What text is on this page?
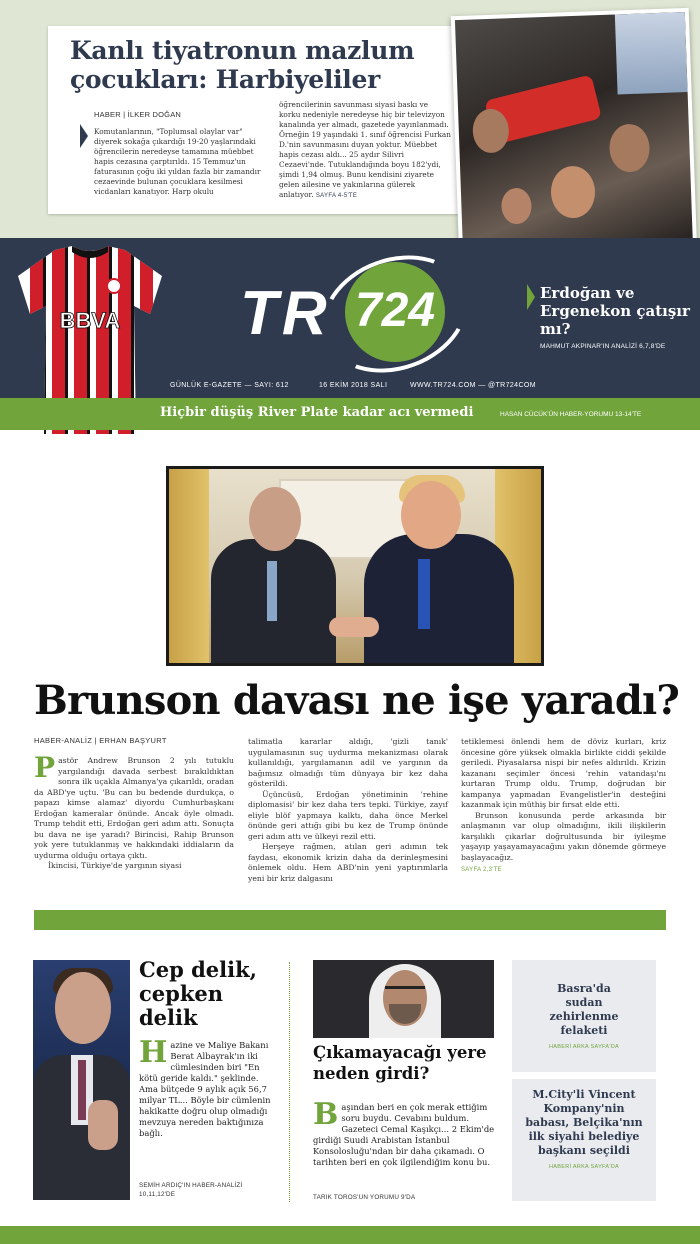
Kanlı tiyatronun mazlum çocukları: Harbiyeliler
HABER | İLKER DOĞAN

Komutanlarının, "Toplumsal olaylar var" diyerek sokağa çıkardığı 19-20 yaşlarındaki öğrencilerin neredeyse tamamına müebbet hapis cezasına çarptırıldı. 15 Temmuz'un faturasının çoğu iki yıldan fazla bir zamandır cezaevinde bulunan çocuklara kesilmesi vicdanları kanatıyor. Harp okulu

öğrencilerinin savunması siyasi baskı ve korku nedeniyle neredeyse hiç bir televizyon kanalında yer almadı, gazetede yayınlanmadı. Örneğin 19 yaşındaki 1. sınıf öğrencisi Furkan D.'nin savunmasını duyan yoktur. Müebbet hapis cezası aldı... 25 aydır Silivri Cezaevi'nde. Tutuklandığında boyu 182'ydi, şimdi 1,94 olmuş. Bunu kendisini ziyarete gelen ailesine ve yakınlarına gülerek anlatıyor. SAYFA 4-5'TE

BBVA TR 724
GÜNLÜK E-GAZETE — SAYI: 612	16 EKİM 2018 SALI	WWW.TR724.COM — @TR724COM
Erdoğan ve Ergenekon çatışır mı?
MAHMUT AKPINAR'IN ANALİZİ 6,7,8'DE
Hiçbir düşüş River Plate kadar acı vermedi	HASAN CÜCÜK'ÜN HABER-YORUMU 13-14'TE
Brunson davası ne işe yaradı?
HABER-ANALİZ | ERHAN BAŞYURT

Pastör Andrew Brunson 2 yılı tutuklu yargılandığı davada serbest bırakıldıktan sonra ilk uçakla Almanya'ya çıkarıldı, oradan da ABD'ye uçtu. 'Bu can bu bedende durdukça, o papazı kimse alamaz' diyordu Cumhurbaşkanı Erdoğan kameralar önünde. Ancak öyle olmadı. Trump tehdit etti, Erdoğan geri adım attı. Sonuçta bu dava ne işe yaradı? Birincisi, Rahip Brunson yok yere tutuklanmış ve hakkındaki iddiaların da uydurma olduğu ortaya çıktı.

İkincisi, Türkiye'de yargının siyasi

talimatla kararlar aldığı, 'gizli tanık' uygulamasının suç uydurma mekanizması olarak kullanıldığı, yargılamanın adil ve yargının da bağımsız olmadığı tüm dünyaya bir kez daha gösterildi.

Üçüncüsü, Erdoğan yönetiminin 'rehine diplomasisi' bir kez daha ters tepki. Türkiye, zayıf eliyle blöf yapmaya kalktı, daha önce Merkel önünde geri attığı gibi bu kez de Trump önünde geri adım attı ve ülkeyi rezil etti.

Herşeye rağmen, atılan geri adımın tek faydası, ekonomik krizin daha da derinleşmesini önlemek oldu. Hem ABD'nin yeni yaptırımlarla yeni bir kriz dalgasını

tetiklemesi önlendi hem de döviz kurları, kriz öncesine göre yüksek olmakla birlikte ciddi şekilde geriledi. Piyasalarsa nispi bir nefes aldırıldı. Krizin kazananı seçimler öncesi 'rehin vatandaşı'nı kurtaran Trump oldu. Trump, doğrudan bir kampanya yapmadan Evangelistler'in desteğini kazanmak için müthiş bir fırsat elde etti.

Brunson konusunda perde arkasında bir anlaşmanın var olup olmadığını, ikili ilişkilerin karşılıklı çıkarlar doğrultusunda bir iyileşme yaşayıp yaşayamayacağını yakın dönemde görmeye başlayacağız.

SAYFA 2,3'TE

Cep delik, cepken delik

Hazine ve Maliye Bakanı Berat Albayrak'ın iki cümlesinden biri "En kötü geride kaldı." şeklinde. Ama bütçede 9 aylık açık 56,7 milyar TL... Böyle bir cümlenin hakikatte doğru olup olmadığı mevzuya nereden baktığınıza bağlı.

SEMİH ARDIÇ'IN HABER-ANALİZİ 10,11,12'DE
Çıkamayacağı yere neden girdi?

Başından beri en çok merak ettiğim soru buydu. Cevabını buldum. Gazeteci Cemal Kaşıkçı... 2 Ekim'de girdiği Suudi Arabistan İstanbul Konsolosluğu'ndan bir daha çıkamadı. O tarihten beri en çok ilgilendiğim konu bu.

TARIK TOROS'UN YORUMU 9'DA
Basra'da sudan zehirlenme felaketi
HABERİ ARKA SAYFA'DA
M.City'li Vincent Kompany'nin babası, Belçika'nın ilk siyahi belediye başkanı seçildi
HABERİ ARKA SAYFA'DA
